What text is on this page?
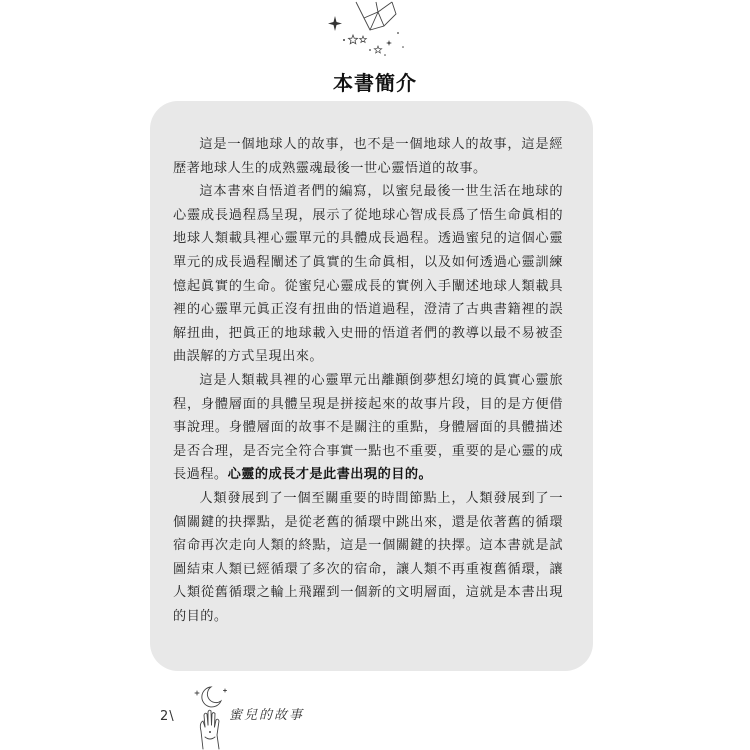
本書簡介

這是一個地球人的故事，也不是一個地球人的故事，這是經歷著地球人生的成熟靈魂最後一世心靈悟道的故事。

這本書來自悟道者們的編寫，以蜜兒最後一世生活在地球的心靈成長過程爲呈現，展示了從地球心智成長爲了悟生命眞相的地球人類載具裡心靈單元的具體成長過程。透過蜜兒的這個心靈單元的成長過程闡述了眞實的生命眞相，以及如何透過心靈訓練憶起眞實的生命。從蜜兒心靈成長的實例入手闡述地球人類載具裡的心靈單元眞正沒有扭曲的悟道過程，澄清了古典書籍裡的誤解扭曲，把眞正的地球載入史冊的悟道者們的教導以最不易被歪曲誤解的方式呈現出來。

這是人類載具裡的心靈單元出離顚倒夢想幻境的眞實心靈旅程，身體層面的具體呈現是拼接起來的故事片段，目的是方便借事說理。身體層面的故事不是關注的重點，身體層面的具體描述是否合理，是否完全符合事實一點也不重要，重要的是心靈的成長過程。心靈的成長才是此書出現的目的。

人類發展到了一個至關重要的時間節點上，人類發展到了一個關鍵的抉擇點，是從老舊的循環中跳出來，還是依著舊的循環宿命再次走向人類的終點，這是一個關鍵的抉擇。這本書就是試圖結束人類已經循環了多次的宿命，讓人類不再重複舊循環，讓人類從舊循環之輪上飛躍到一個新的文明層面，這就是本書出現的目的。

2\	蜜兒的故事
